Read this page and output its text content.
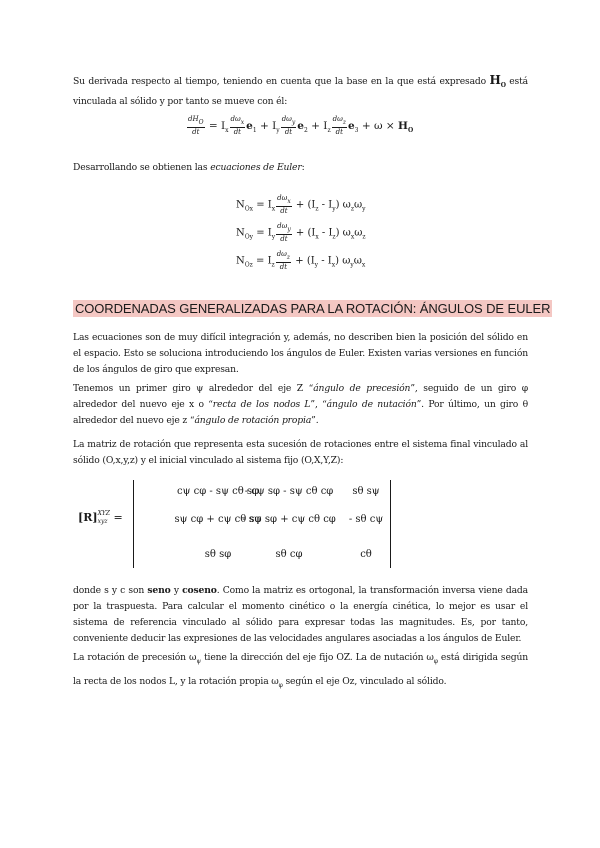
Su derivada respecto al tiempo, teniendo en cuenta que la base en la que está expresado $H_O$ está vinculada al sólido y por tanto se mueve con él:
$\frac{\text{dHO}}{dt} = I_x \frac{\text{dωx}}{dt} e_1 + I_y \frac{\text{dωy}}{dt} e_2 + I_z \frac{\text{dωz}}{dt} e_3 + \omega \times H_O$
Desarrollando se obtienen las ecuaciones de Euler:
$N_{Ox} = I_x \frac{\text{dωx}}{dt} + (I_z - I_y)$ $\omega_z\omega_y$
$N_{Oy} = I_y \frac{\text{dωy}}{dt} + (I_x - I_z)$ $\omega_x\omega_z$
$N_{Oz} = I_z \frac{\text{dωz}}{dt} + (I_y - I_x)$ $\omega_y\omega_x$
COORDENADAS GENERALIZADAS PARA LA ROTACIÓN: ÁNGULOS DE EULER
Las ecuaciones son de muy difícil integración y, además, no describen bien la posición del sólido en el espacio. Esto se soluciona introduciendo los ángulos de Euler. Existen varias versiones en función de los ángulos de giro que expresan.
Tenemos un primer giro ψ alrededor del eje Z “ángulo de precesión”, seguido de un giro φ alrededor del nuevo eje x o “recta de los nodos L”, “ángulo de nutación”. Por último, un giro θ alrededor del nuevo eje z “ángulo de rotación propia”.
La matriz de rotación que representa esta sucesión de rotaciones entre el sistema final vinculado al sólido (O,x,y,z) y el inicial vinculado al sistema fijo (O,X,Y,Z):
[R] XYZ
xyz =
cψ cφ - sψ cθ sφ
- cψ sφ - sψ cθ cφ sθ sψ
sψ cφ + cψ cθ sφ
- sψ sφ + cψ cθ cφ - sθ cψ
sθ sφ	sθ cφ	cθ
donde s y c son seno y coseno. Como la matriz es ortogonal, la transformación inversa viene dada por la traspuesta. Para calcular el momento cinético o la energía cinética, lo mejor es usar el sistema de referencia vinculado al sólido para expresar todas las magnitudes. Es, por tanto, conveniente deducir las expresiones de las velocidades angulares asociadas a los ángulos de Euler.
La rotación de precesión $\omega_\psi$ tiene la dirección del eje fijo OZ. La de nutación $\omega_\varphi$ está dirigida según la recta de los nodos L, y la rotación propia $\omega_\varphi$ según el eje Oz, vinculado al sólido.
